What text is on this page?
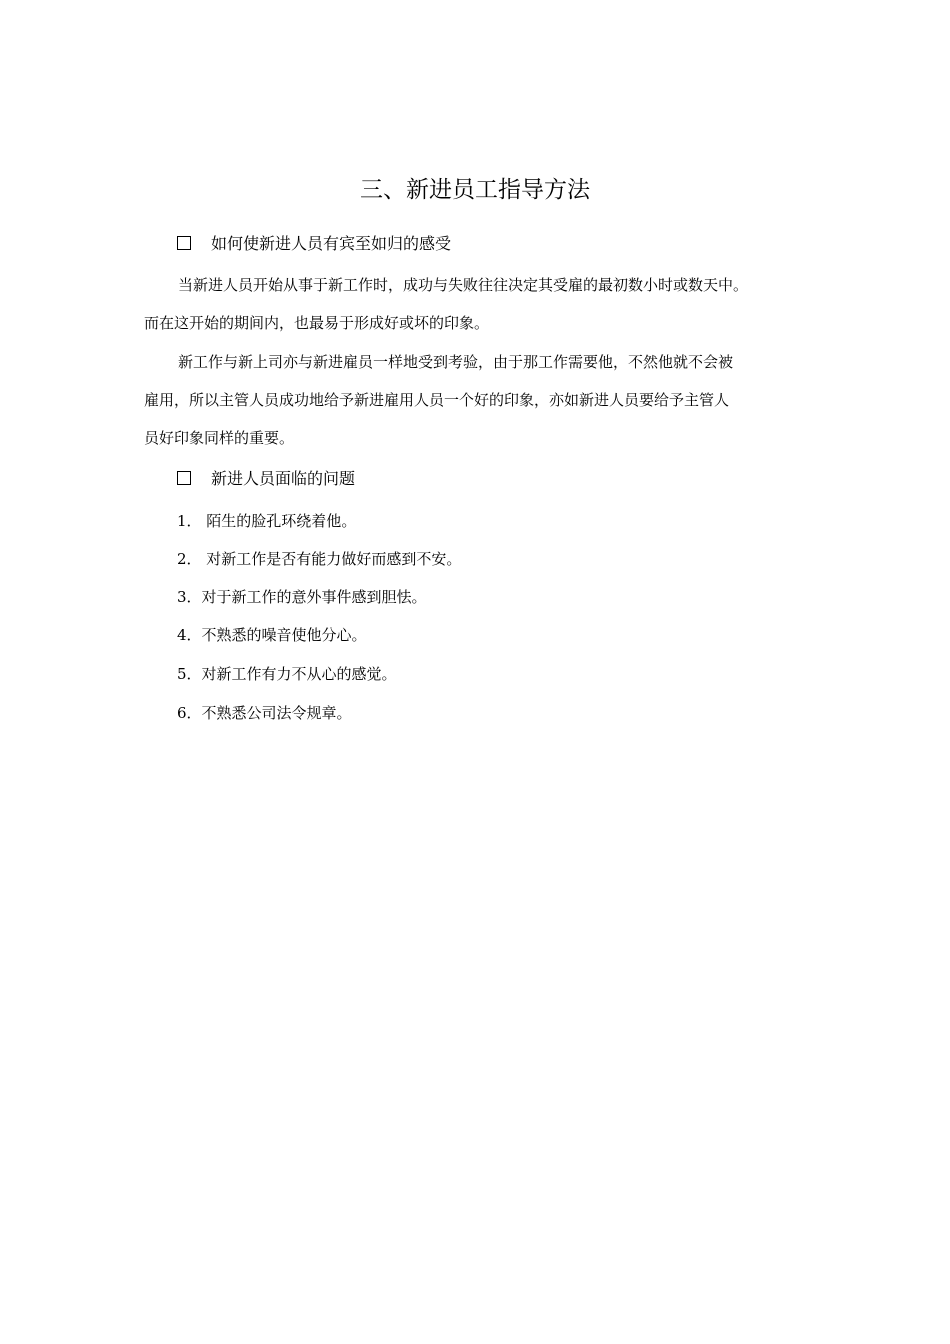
三、新进员工指导方法
如何使新进人员有宾至如归的感受

当新进人员开始从事于新工作时，成功与失败往往决定其受雇的最初数小时或数天中。
而在这开始的期间内，也最易于形成好或坏的印象。

新工作与新上司亦与新进雇员一样地受到考验，由于那工作需要他，不然他就不会被
雇用，所以主管人员成功地给予新进雇用人员一个好的印象，亦如新进人员要给予主管人
员好印象同样的重要。

新进人员面临的问题
1． 陌生的脸孔环绕着他。
2． 对新工作是否有能力做好而感到不安。
3．对于新工作的意外事件感到胆怯。
4．不熟悉的噪音使他分心。
5．对新工作有力不从心的感觉。
6．不熟悉公司法令规章。
